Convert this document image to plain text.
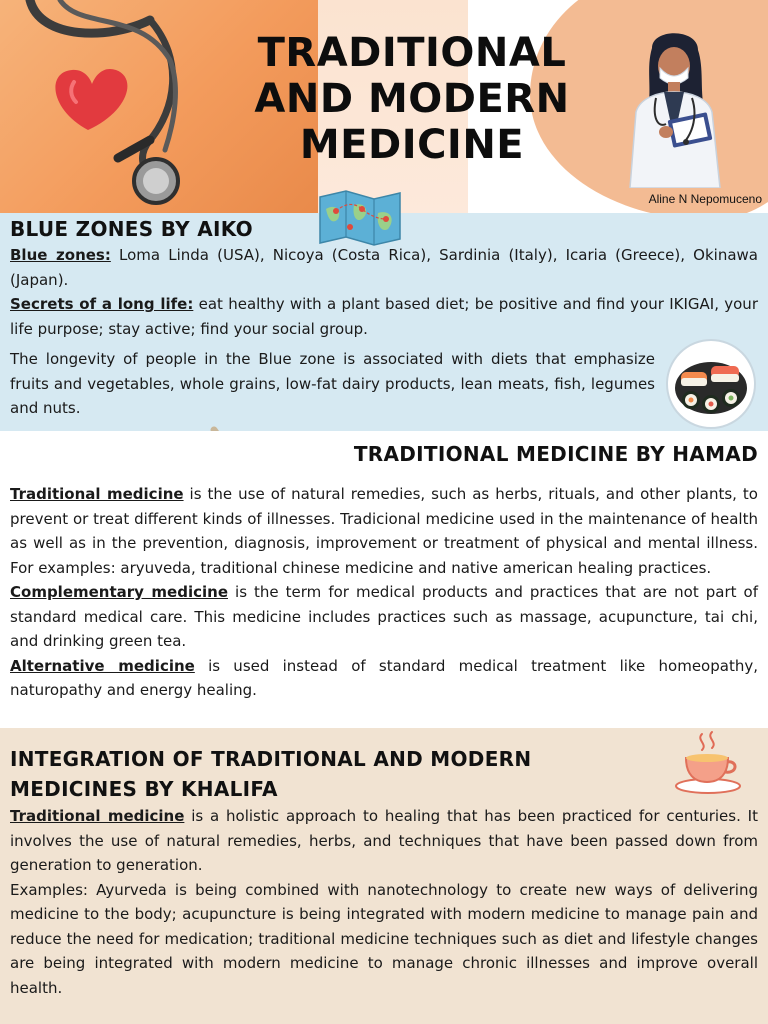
TRADITIONAL
AND MODERN
MEDICINE
Aline N Nepomuceno
BLUE ZONES BY AIKO

Blue zones: Loma Linda (USA), Nicoya (Costa Rica), Sardinia (Italy), Icaria (Greece), Okinawa (Japan).

Secrets of a long life: eat healthy with a plant based diet; be positive and find your IKIGAI, your life purpose; stay active; find your social group.

The longevity of people in the Blue zone is associated with diets that emphasize fruits and vegetables, whole grains, low-fat dairy products, lean meats, fish, legumes and nuts.

TRADITIONAL MEDICINE BY HAMAD

Traditional medicine is the use of natural remedies, such as herbs, rituals, and other plants, to prevent or treat different kinds of illnesses. Tradicional medicine used in the maintenance of health as well as in the prevention, diagnosis, improvement or treatment of physical and mental illness. For examples: aryuveda, traditional chinese medicine and native american healing practices.

Complementary medicine is the term for medical products and practices that are not part of standard medical care. This medicine includes practices such as massage, acupuncture, tai chi, and drinking green tea.

Alternative medicine is used instead of standard medical treatment like homeopathy, naturopathy and energy healing.

INTEGRATION OF TRADITIONAL AND MODERN
MEDICINES BY KHALIFA

Traditional medicine is a holistic approach to healing that has been practiced for centuries. It involves the use of natural remedies, herbs, and techniques that have been passed down from generation to generation.

Examples: Ayurveda is being combined with nanotechnology to create new ways of delivering medicine to the body; acupuncture is being integrated with modern medicine to manage pain and reduce the need for medication; traditional medicine techniques such as diet and lifestyle changes are being integrated with modern medicine to manage chronic illnesses and improve overall health.
